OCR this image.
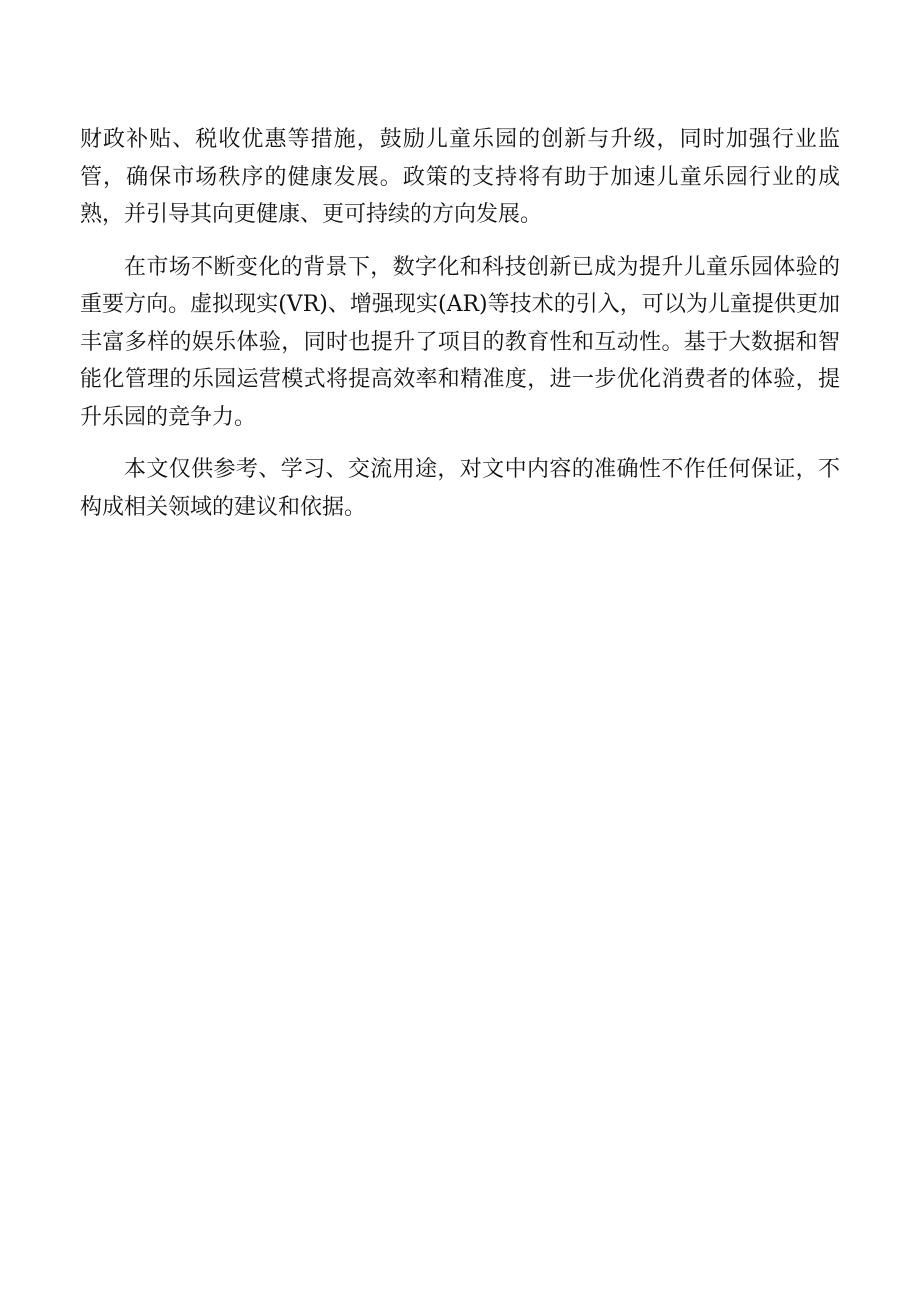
财政补贴、税收优惠等措施，鼓励儿童乐园的创新与升级，同时加强行业监管，确保市场秩序的健康发展。政策的支持将有助于加速儿童乐园行业的成熟，并引导其向更健康、更可持续的方向发展。

在市场不断变化的背景下，数字化和科技创新已成为提升儿童乐园体验的重要方向。虚拟现实(VR)、增强现实(AR)等技术的引入，可以为儿童提供更加丰富多样的娱乐体验，同时也提升了项目的教育性和互动性。基于大数据和智能化管理的乐园运营模式将提高效率和精准度，进一步优化消费者的体验，提升乐园的竞争力。

本文仅供参考、学习、交流用途，对文中内容的准确性不作任何保证，不构成相关领域的建议和依据。
